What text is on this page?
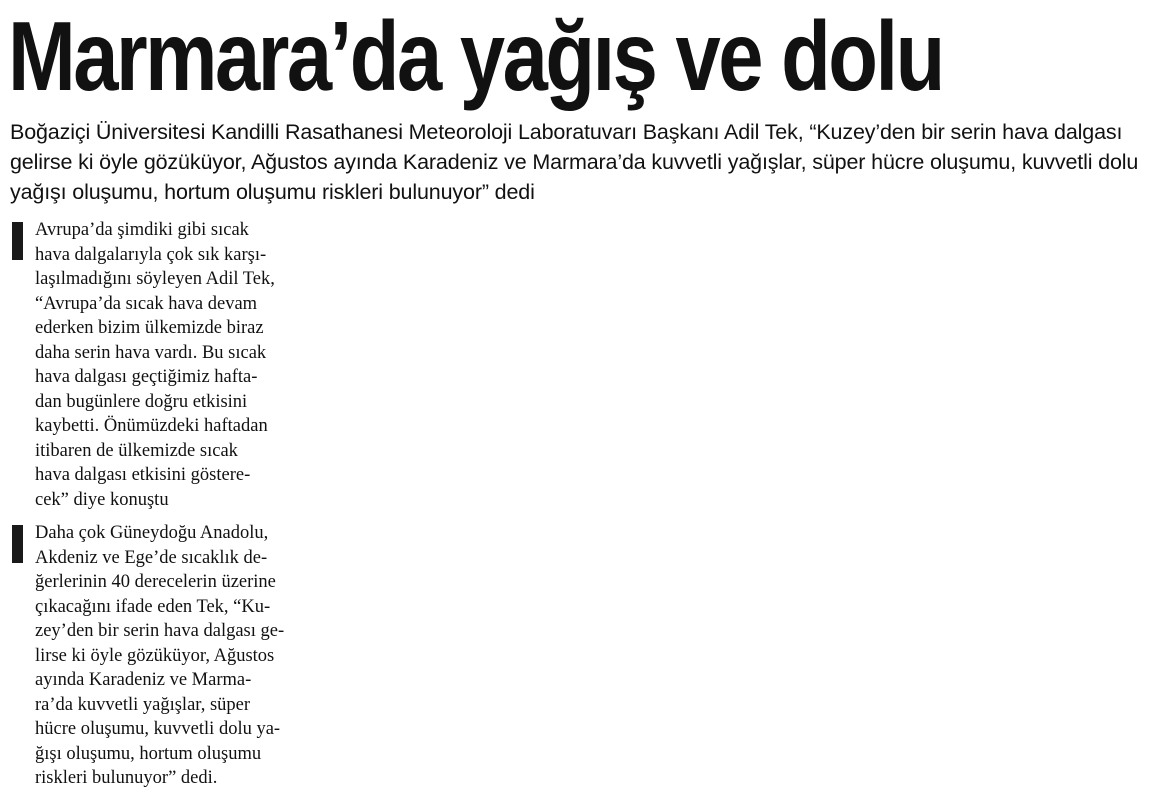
Marmara’da yağış ve dolu

Boğaziçi Üniversitesi Kandilli Rasathanesi Meteoroloji Laboratuvarı Başkanı Adil Tek, “Kuzey’den bir serin hava dalgası gelirse ki öyle gözüküyor, Ağustos ayında Karadeniz ve Marmara’da kuvvetli yağışlar, süper hücre oluşumu, kuvvetli dolu yağışı oluşumu, hortum oluşumu riskleri bulunuyor” dedi

Avrupa’da şimdiki gibi sıcak
hava dalgalarıyla çok sık karşı-
laşılmadığını söyleyen Adil Tek,
“Avrupa’da sıcak hava devam
ederken bizim ülkemizde biraz
daha serin hava vardı. Bu sıcak
hava dalgası geçtiğimiz hafta-
dan bugünlere doğru etkisini
kaybetti. Önümüzdeki haftadan
itibaren de ülkemizde sıcak
hava dalgası etkisini göstere-
cek” diye konuştu
Daha çok Güneydoğu Anadolu,
Akdeniz ve Ege’de sıcaklık de-
ğerlerinin 40 derecelerin üzerine
çıkacağını ifade eden Tek, “Ku-
zey’den bir serin hava dalgası ge-
lirse ki öyle gözüküyor, Ağustos
ayında Karadeniz ve Marma-
ra’da kuvvetli yağışlar, süper
hücre oluşumu, kuvvetli dolu ya-
ğışı oluşumu, hortum oluşumu
riskleri bulunuyor” dedi.
